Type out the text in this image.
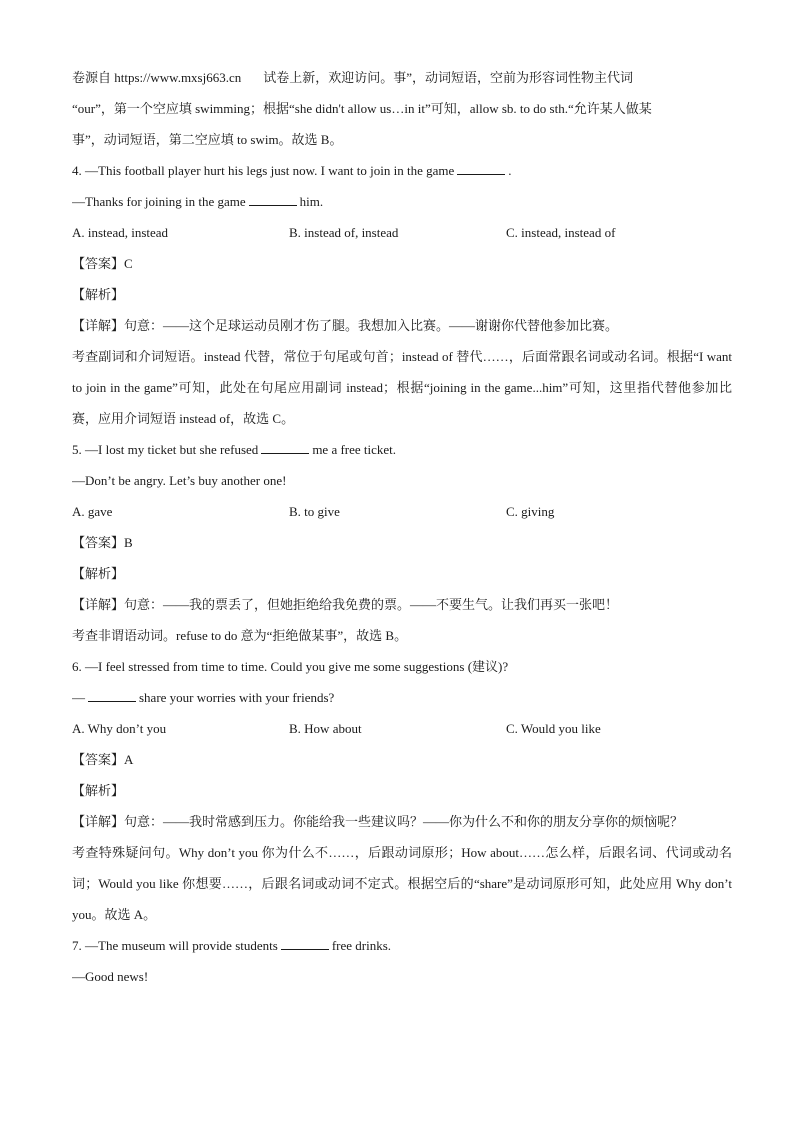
卷源自 https://www.mxsj663.cn 试卷上新，欢迎访问。事”，动词短语，空前为形容词性物主代词
“our”，第一个空应填 swimming；根据“she didn't allow us…in it”可知，allow sb. to do sth.“允许某人做某
事”，动词短语，第二空应填 to swim。故选 B。
4. —This football player hurt his legs just now. I want to join in the game	.
—Thanks for joining in the game	him.
A. instead, instead	B. instead of, instead	C. instead, instead of
【答案】C
【解析】
【详解】句意：——这个足球运动员刚才伤了腿。我想加入比赛。——谢谢你代替他参加比赛。
考查副词和介词短语。instead 代替，常位于句尾或句首；instead of 替代……，后面常跟名词或动名词。根据“I want to join in the game”可知，此处在句尾应用副词 instead；根据“joining in the game...him”可知，这里指代替他参加比赛，应用介词短语 instead of，故选 C。
5. —I lost my ticket but she refused	me a free ticket.
—Don’t be angry. Let’s buy another one!
A. gave	B. to give	C. giving
【答案】B
【解析】
【详解】句意：——我的票丢了，但她拒绝给我免费的票。——不要生气。让我们再买一张吧！
考查非谓语动词。refuse to do 意为“拒绝做某事”，故选 B。
6. —I feel stressed from time to time. Could you give me some suggestions (建议)?
—	share your worries with your friends?
A. Why don’t you	B. How about	C. Would you like
【答案】A
【解析】
【详解】句意：——我时常感到压力。你能给我一些建议吗？——你为什么不和你的朋友分享你的烦恼呢？
考查特殊疑问句。Why don’t you 你为什么不……，后跟动词原形；How about……怎么样，后跟名词、代词或动名词；Would you like 你想要……，后跟名词或动词不定式。根据空后的“share”是动词原形可知，此处应用 Why don’t you。故选 A。
7. —The museum will provide students	free drinks.
—Good news!
